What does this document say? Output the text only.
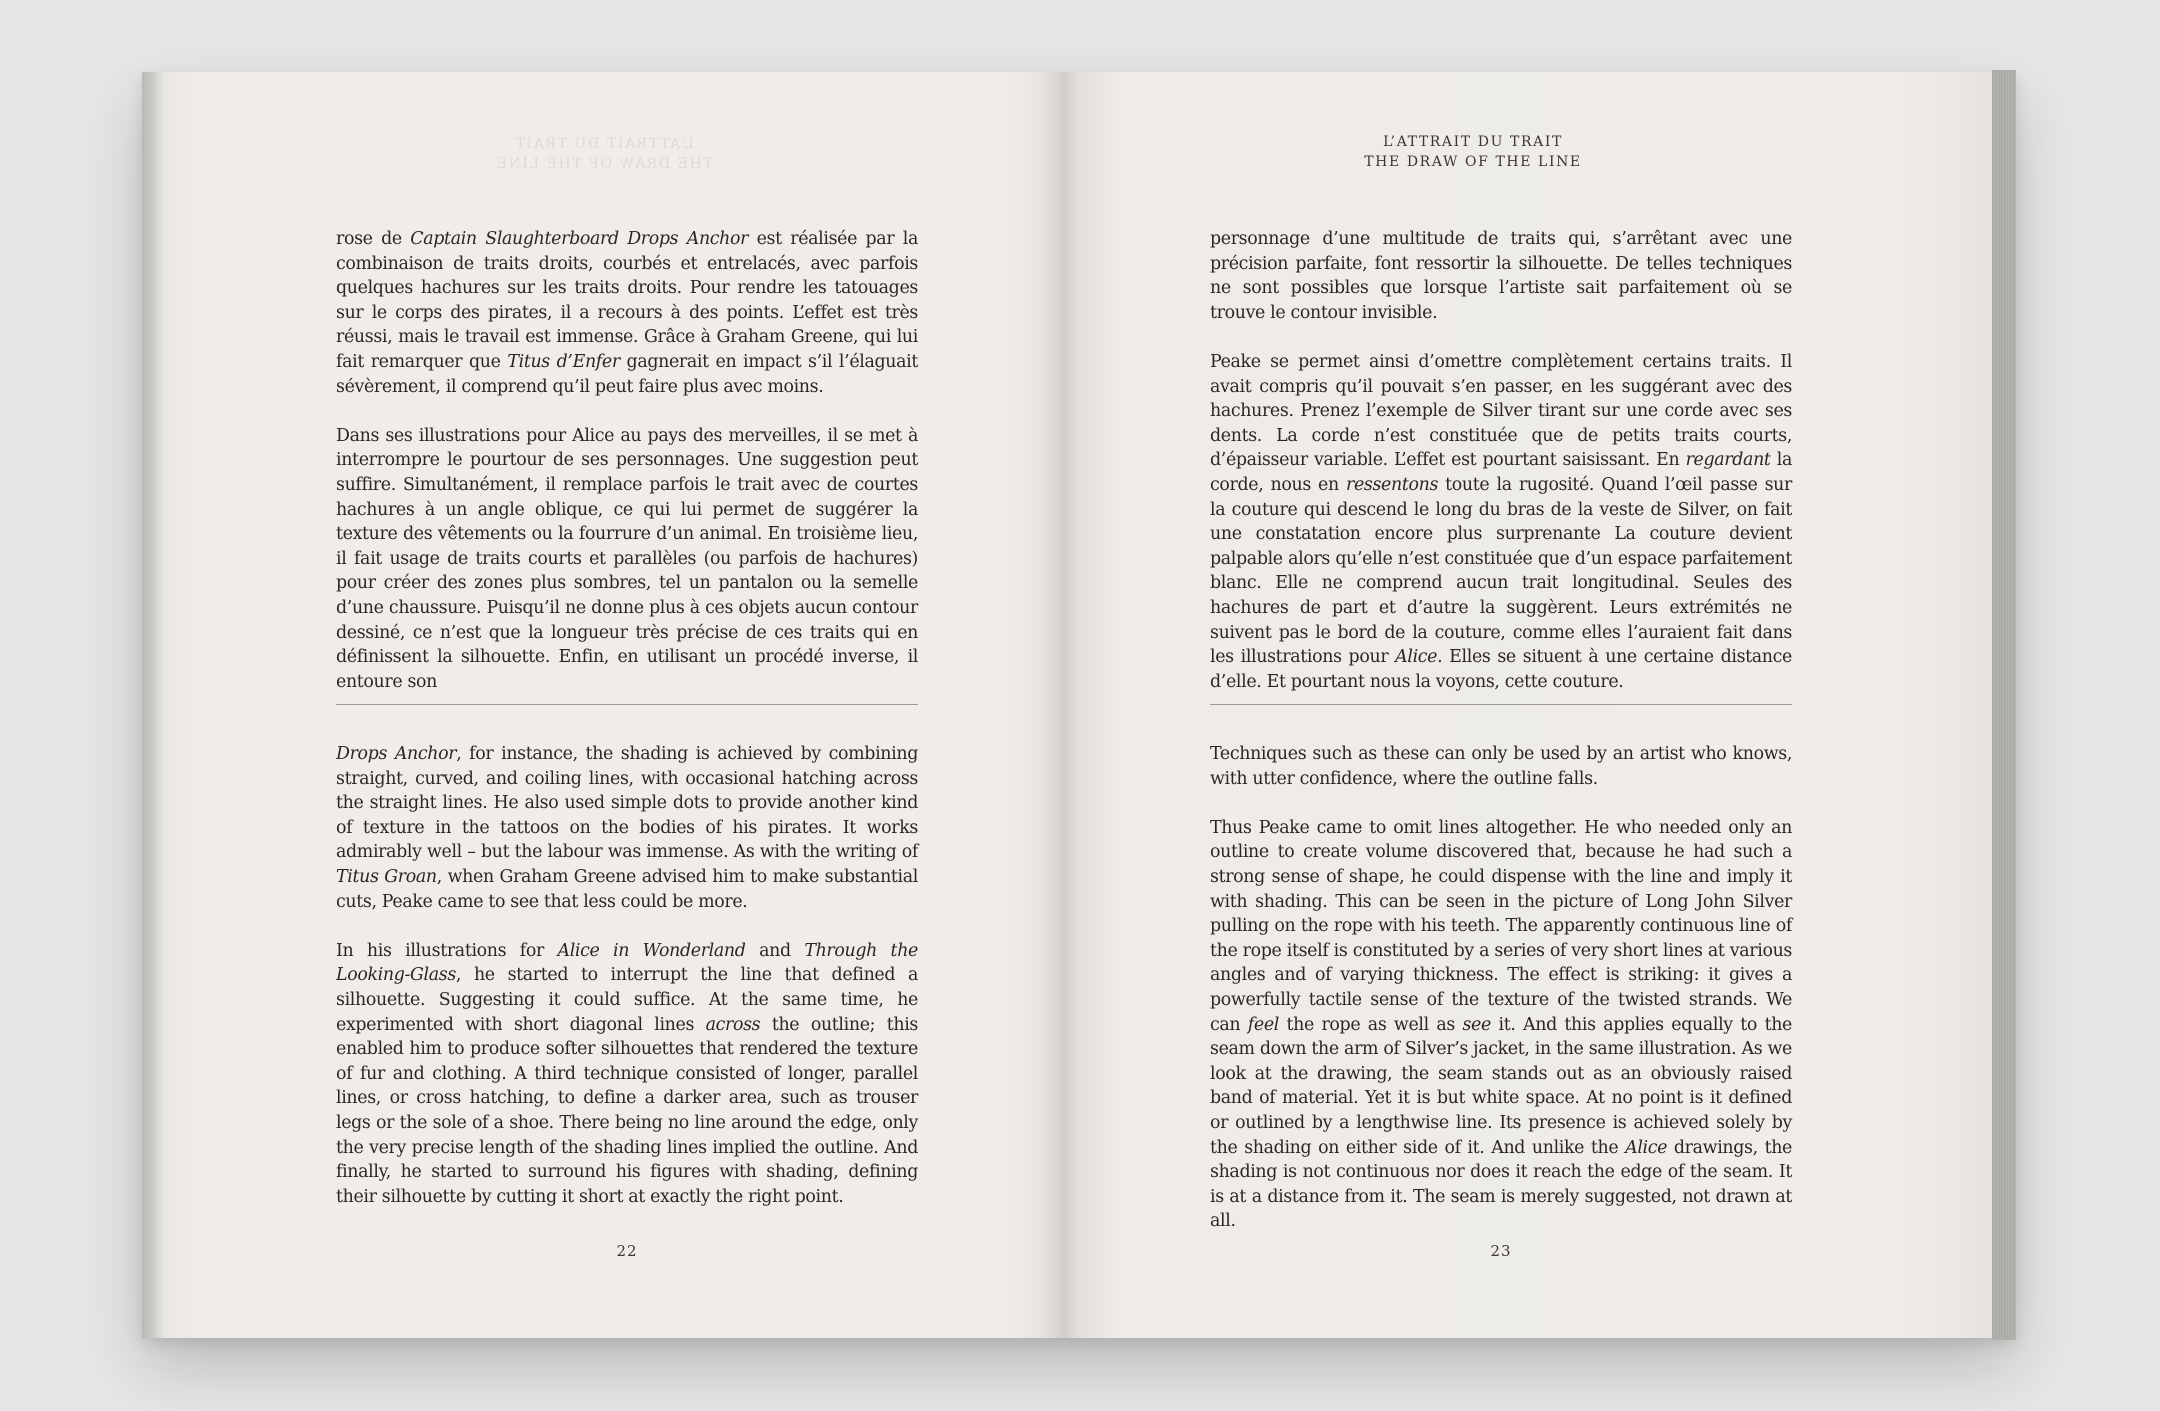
L’ATTRAIT DU TRAIT
THE DRAW OF THE LINE

rose de Captain Slaughterboard Drops Anchor est réalisée par la combinaison de traits droits, courbés et entrelacés, avec parfois quelques hachures sur les traits droits. Pour rendre les tatouages sur le corps des pirates, il a recours à des points. L’effet est très réussi, mais le travail est immense. Grâce à Graham Greene, qui lui fait remarquer que Titus d’Enfer gagnerait en impact s’il l’élaguait sévèrement, il comprend qu’il peut faire plus avec moins.

Dans ses illustrations pour Alice au pays des merveilles, il se met à interrompre le pourtour de ses personnages. Une suggestion peut suffire. Simultanément, il remplace parfois le trait avec de courtes hachures à un angle oblique, ce qui lui permet de suggérer la texture des vêtements ou la fourrure d’un animal. En troisième lieu, il fait usage de traits courts et parallèles (ou parfois de hachures) pour créer des zones plus sombres, tel un pantalon ou la semelle d’une chaussure. Puisqu’il ne donne plus à ces objets aucun contour dessiné, ce n’est que la longueur très précise de ces traits qui en définissent la silhouette. Enfin, en utilisant un procédé inverse, il entoure son

Drops Anchor, for instance, the shading is achieved by combining straight, curved, and coiling lines, with occasional hatching across the straight lines. He also used simple dots to provide another kind of texture in the tattoos on the bodies of his pirates. It works admirably well – but the labour was immense. As with the writing of Titus Groan, when Graham Greene advised him to make substantial cuts, Peake came to see that less could be more.

In his illustrations for Alice in Wonderland and Through the Looking-Glass, he started to interrupt the line that defined a silhouette. Suggesting it could suffice. At the same time, he experimented with short diagonal lines across the outline; this enabled him to produce softer silhouettes that rendered the texture of fur and clothing. A third technique consisted of longer, parallel lines, or cross hatching, to define a darker area, such as trouser legs or the sole of a shoe. There being no line around the edge, only the very precise length of the shading lines implied the outline. And finally, he started to surround his figures with shading, defining their silhouette by cutting it short at exactly the right point.

22
L’ATTRAIT DU TRAIT
THE DRAW OF THE LINE

personnage d’une multitude de traits qui, s’arrêtant avec une précision parfaite, font ressortir la silhouette. De telles techniques ne sont possibles que lorsque l’artiste sait parfaitement où se trouve le contour invisible.

Peake se permet ainsi d’omettre complètement certains traits. Il avait compris qu’il pouvait s’en passer, en les suggérant avec des hachures. Prenez l’exemple de Silver tirant sur une corde avec ses dents. La corde n’est constituée que de petits traits courts, d’épaisseur variable. L’effet est pourtant saisissant. En regardant la corde, nous en ressentons toute la rugosité. Quand l’œil passe sur la couture qui descend le long du bras de la veste de Silver, on fait une constatation encore plus surprenante La couture devient palpable alors qu’elle n’est constituée que d’un espace parfaitement blanc. Elle ne comprend aucun trait longitudinal. Seules des hachures de part et d’autre la suggèrent. Leurs extrémités ne suivent pas le bord de la couture, comme elles l’auraient fait dans les illustrations pour Alice. Elles se situent à une certaine distance d’elle. Et pourtant nous la voyons, cette couture.

Techniques such as these can only be used by an artist who knows, with utter confidence, where the outline falls.

Thus Peake came to omit lines altogether. He who needed only an outline to create volume discovered that, because he had such a strong sense of shape, he could dispense with the line and imply it with shading. This can be seen in the picture of Long John Silver pulling on the rope with his teeth. The apparently continuous line of the rope itself is constituted by a series of very short lines at various angles and of varying thickness. The effect is striking: it gives a powerfully tactile sense of the texture of the twisted strands. We can feel the rope as well as see it. And this applies equally to the seam down the arm of Silver’s jacket, in the same illustration. As we look at the drawing, the seam stands out as an obviously raised band of material. Yet it is but white space. At no point is it defined or outlined by a lengthwise line. Its presence is achieved solely by the shading on either side of it. And unlike the Alice drawings, the shading is not continuous nor does it reach the edge of the seam. It is at a distance from it. The seam is merely suggested, not drawn at all.

23
